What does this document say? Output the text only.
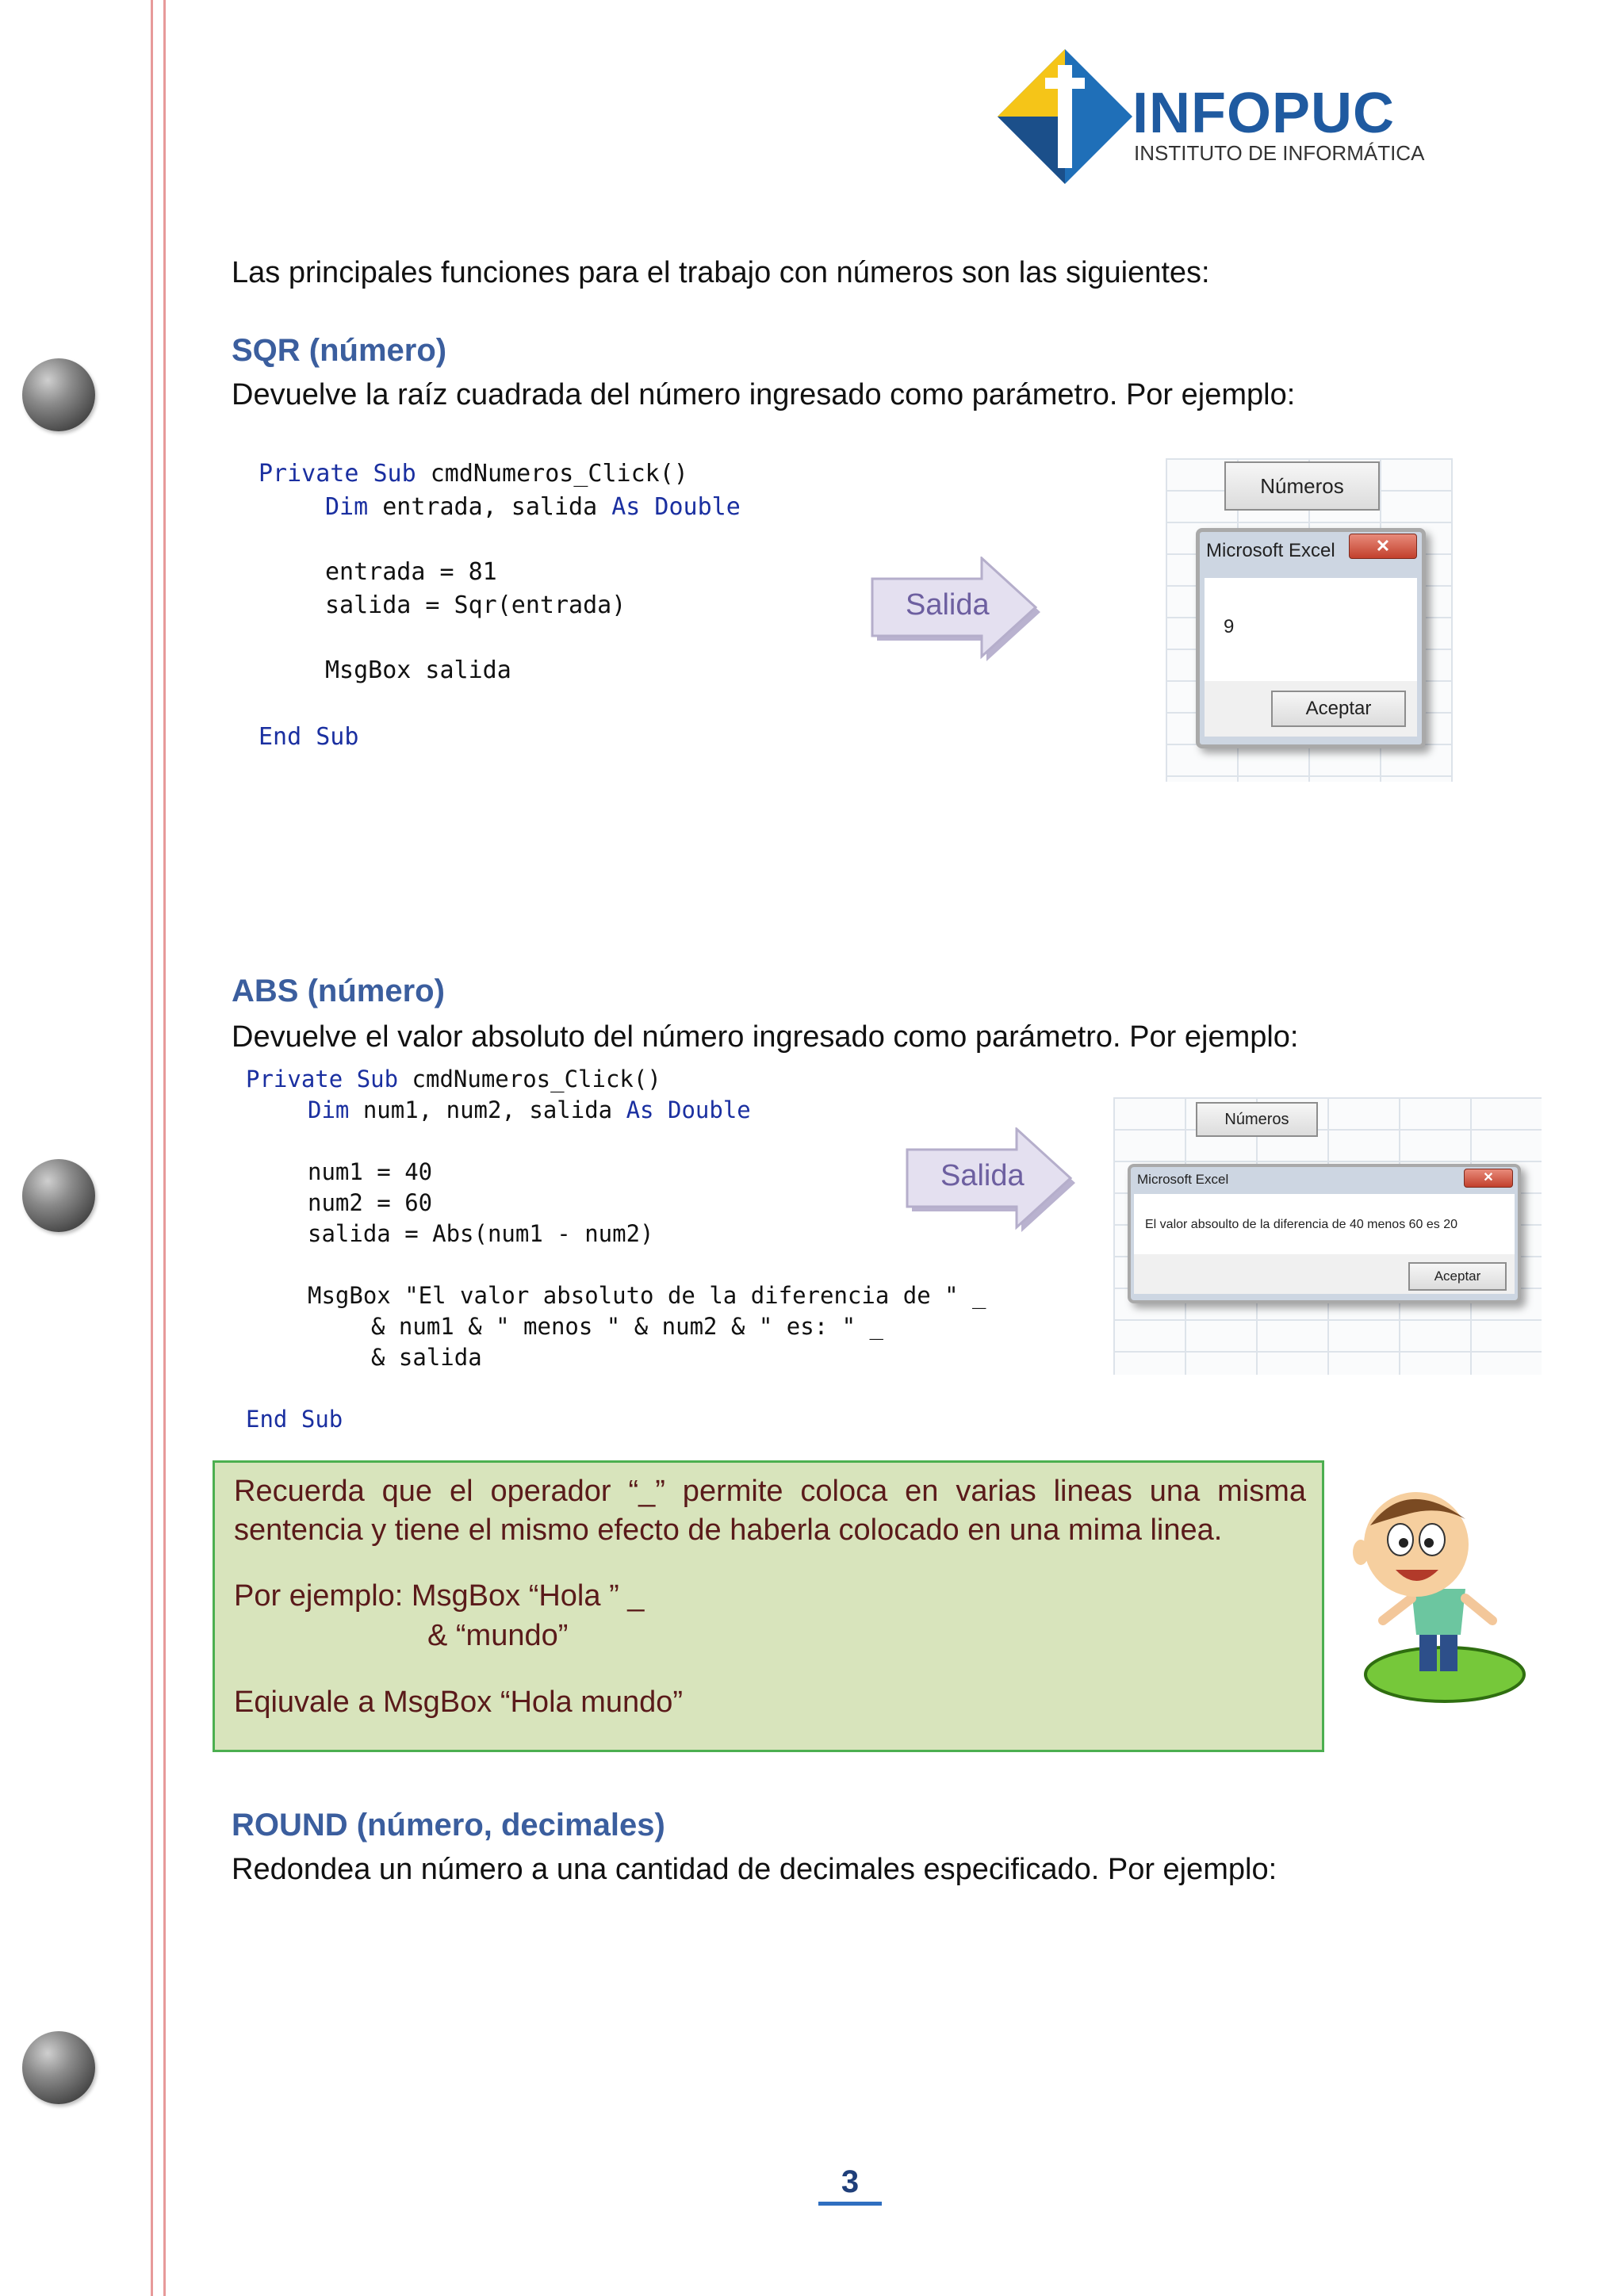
INFOPUC
INSTITUTO DE INFORMÁTICA
Las principales funciones para el trabajo con números son las siguientes:
SQR (número)
Devuelve la raíz cuadrada del número ingresado como parámetro. Por ejemplo:
Private Sub cmdNumeros_Click()
Dim entrada, salida As Double
entrada = 81
salida = Sqr(entrada)
MsgBox salida
End Sub
Salida
Números
Microsoft Excel	✕
9
Aceptar
ABS (número)
Devuelve el valor absoluto del número ingresado como parámetro. Por ejemplo:
Private Sub cmdNumeros_Click()
Dim num1, num2, salida As Double
num1 = 40
num2 = 60
salida = Abs(num1 - num2)
MsgBox "El valor absoluto de la diferencia de " _
& num1 & " menos " & num2 & " es: " _
& salida
End Sub
Salida
Números
Microsoft Excel	✕
El valor absoulto de la diferencia de 40 menos 60 es 20
Aceptar
Recuerda que el operador “_” permite coloca en varias lineas una misma sentencia y tiene el mismo efecto de haberla colocado en una mima linea.
Por ejemplo: MsgBox “Hola ” _
& “mundo”
Eqiuvale a MsgBox “Hola mundo”
ROUND (número, decimales)
Redondea un número a una cantidad de decimales especificado. Por ejemplo:
3
